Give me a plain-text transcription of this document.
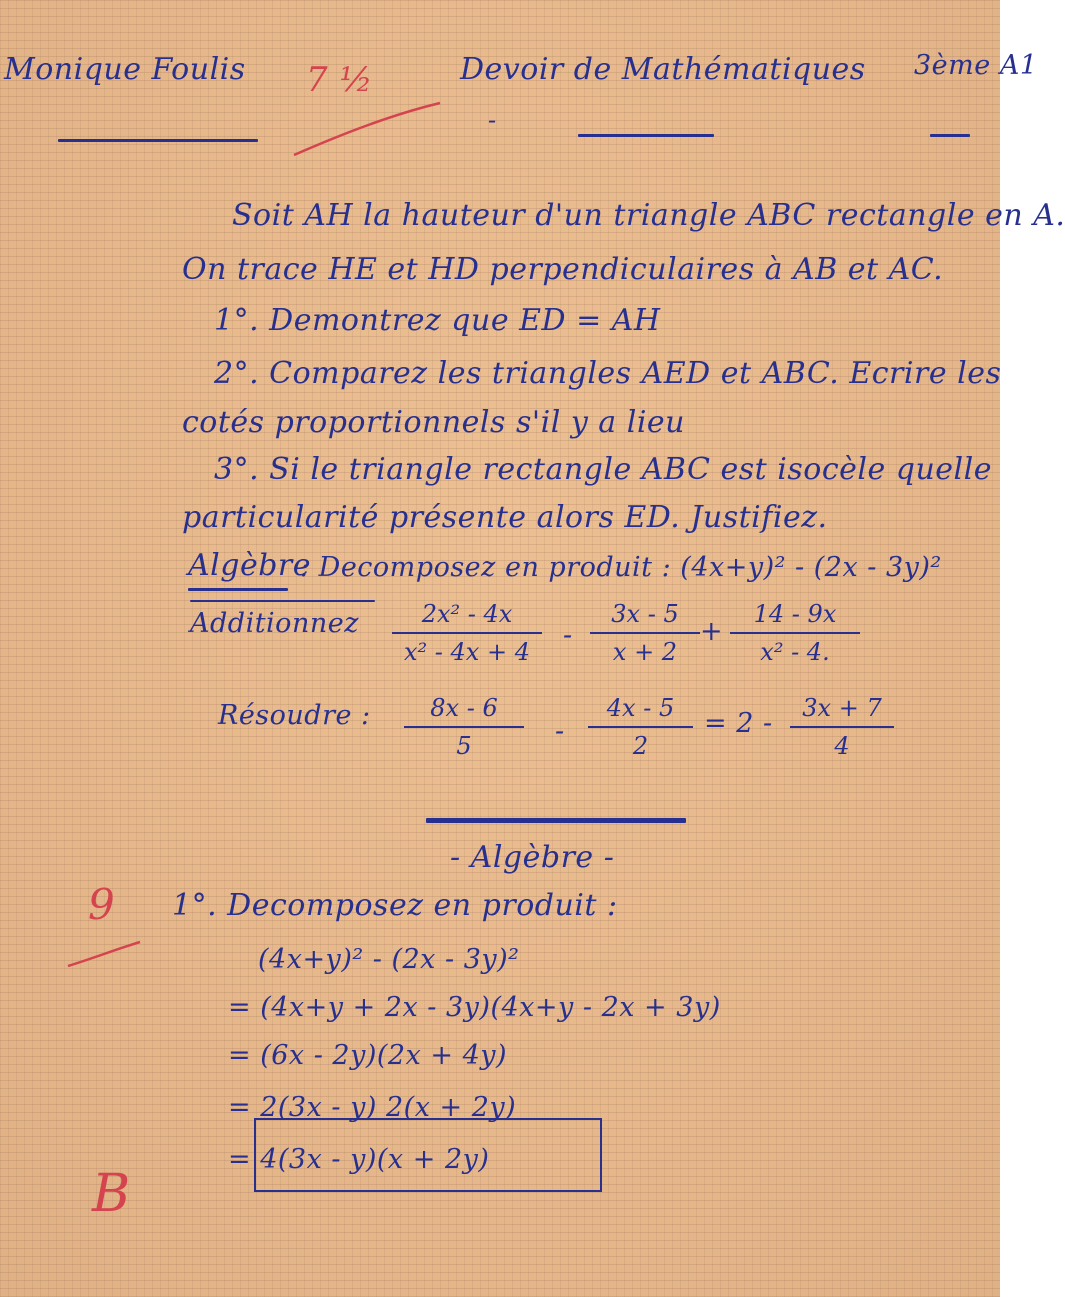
Monique Foulis 7 ½	Devoir de Mathématiques
-
3ème A1
Soit AH la hauteur d'un triangle ABC rectangle en A.
On trace HE et HD perpendiculaires à AB et AC.
1°. Demontrez que ED = AH
2°. Comparez les triangles AED et ABC. Ecrire les
cotés proportionnels s'il y a lieu
3°. Si le triangle rectangle ABC est isocèle quelle
particularité présente alors ED. Justifiez.
Algèbre
: Decomposez en produit : (4x+y)² - (2x - 3y)²
Additionnez	2x² - 4x
x² - 4x + 4
-
3x - 5
x + 2
+
14 - 9x
x² - 4.
Résoudre :	8x - 6
5	-
4x - 5
2
= 2 -	3x + 7
4
- Algèbre -
9 1°. Decomposez en produit :
(4x+y)² - (2x - 3y)²
= (4x+y + 2x - 3y)(4x+y - 2x + 3y)
= (6x - 2y)(2x + 4y)
= 2(3x - y) 2(x + 2y)
= 4(3x - y)(x + 2y)
B
